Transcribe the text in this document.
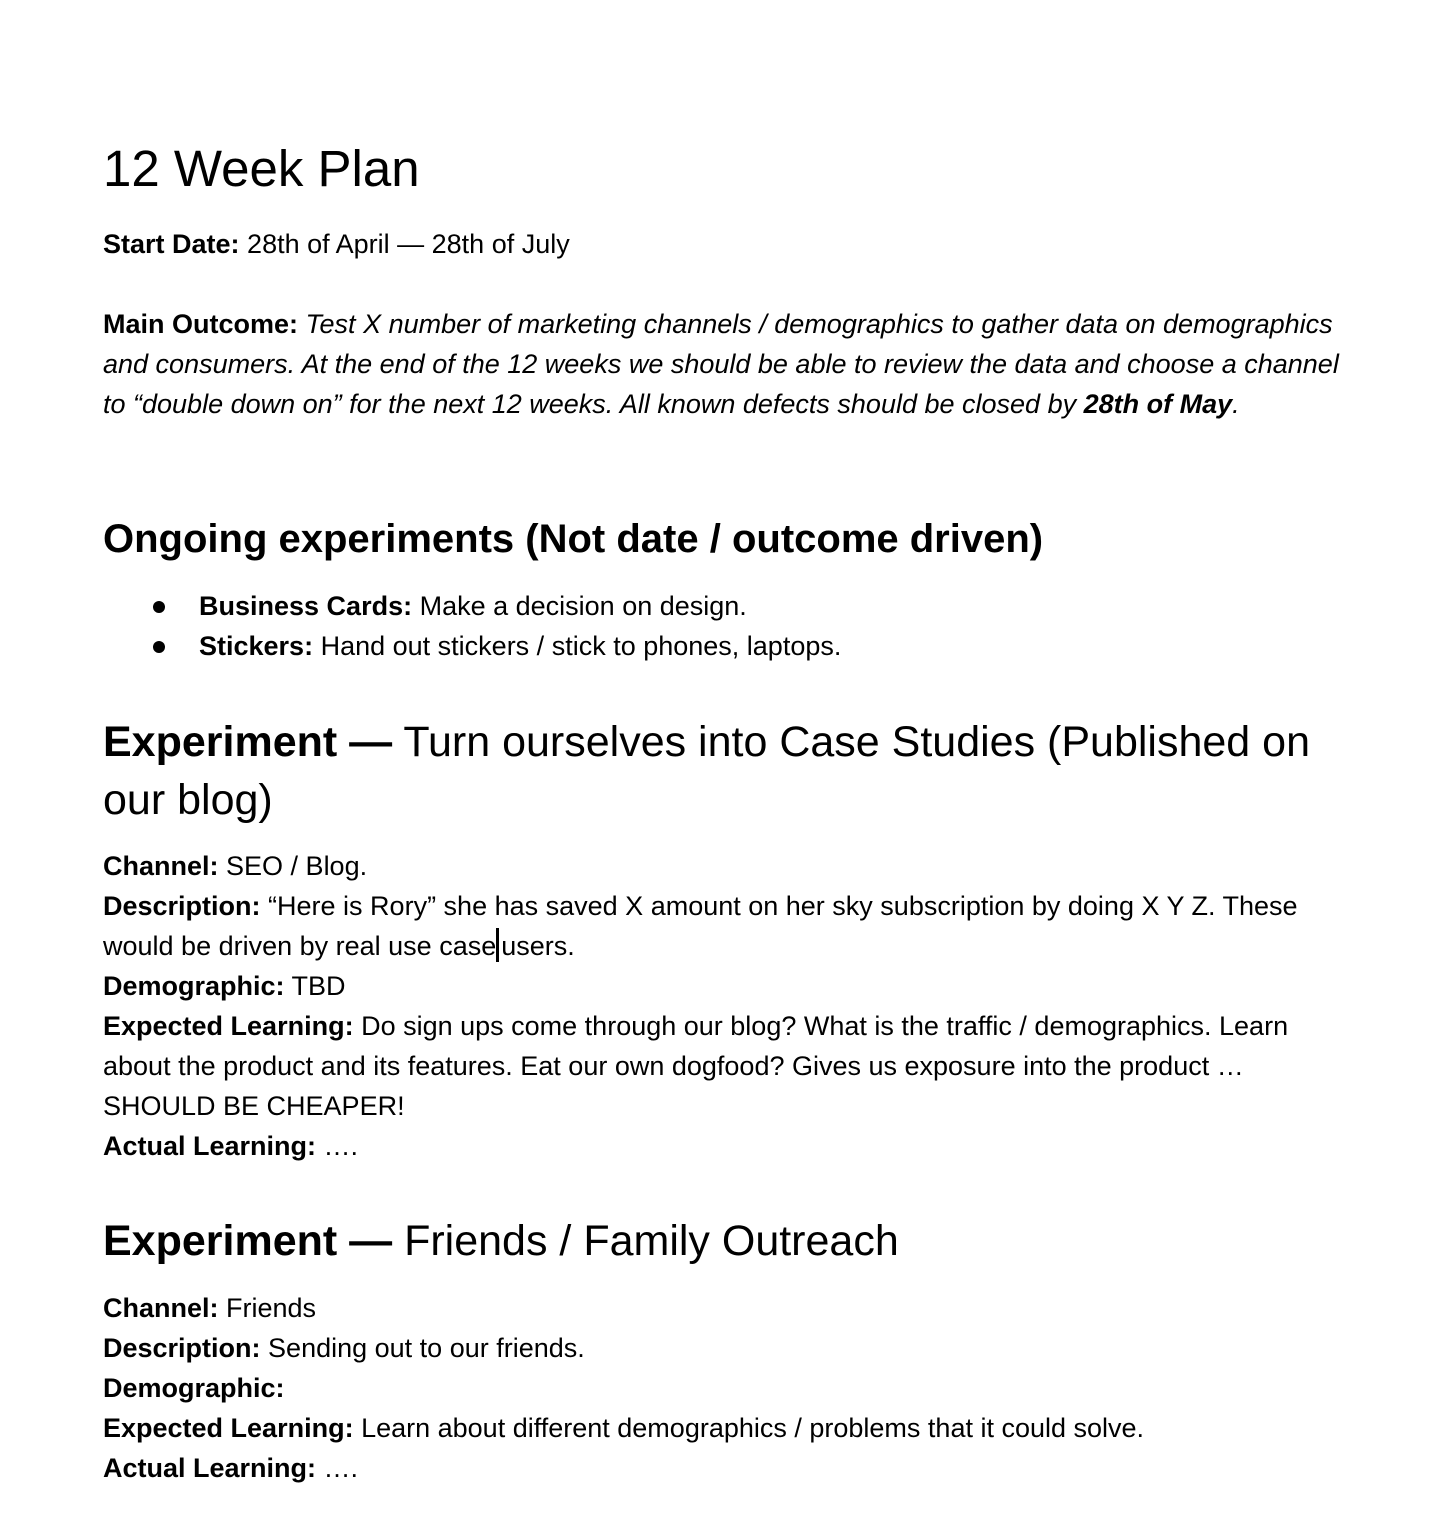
12 Week Plan

Start Date: 28th of April — 28th of July

Main Outcome: Test X number of marketing channels / demographics to gather data on demographics and consumers. At the end of the 12 weeks we should be able to review the data and choose a channel to “double down on” for the next 12 weeks. All known defects should be closed by 28th of May.

Ongoing experiments (Not date / outcome driven)
Business Cards: Make a decision on design.
Stickers: Hand out stickers / stick to phones, laptops.
Experiment — Turn ourselves into Case Studies (Published on our blog)

Channel: SEO / Blog.

Description: “Here is Rory” she has saved X amount on her sky subscription by doing X Y Z. These would be driven by real use case users.

Demographic: TBD

Expected Learning: Do sign ups come through our blog? What is the traffic / demographics. Learn about the product and its features. Eat our own dogfood? Gives us exposure into the product … SHOULD BE CHEAPER!

Actual Learning: ….

Experiment — Friends / Family Outreach

Channel: Friends

Description: Sending out to our friends.

Demographic:

Expected Learning: Learn about different demographics / problems that it could solve.

Actual Learning: ….
